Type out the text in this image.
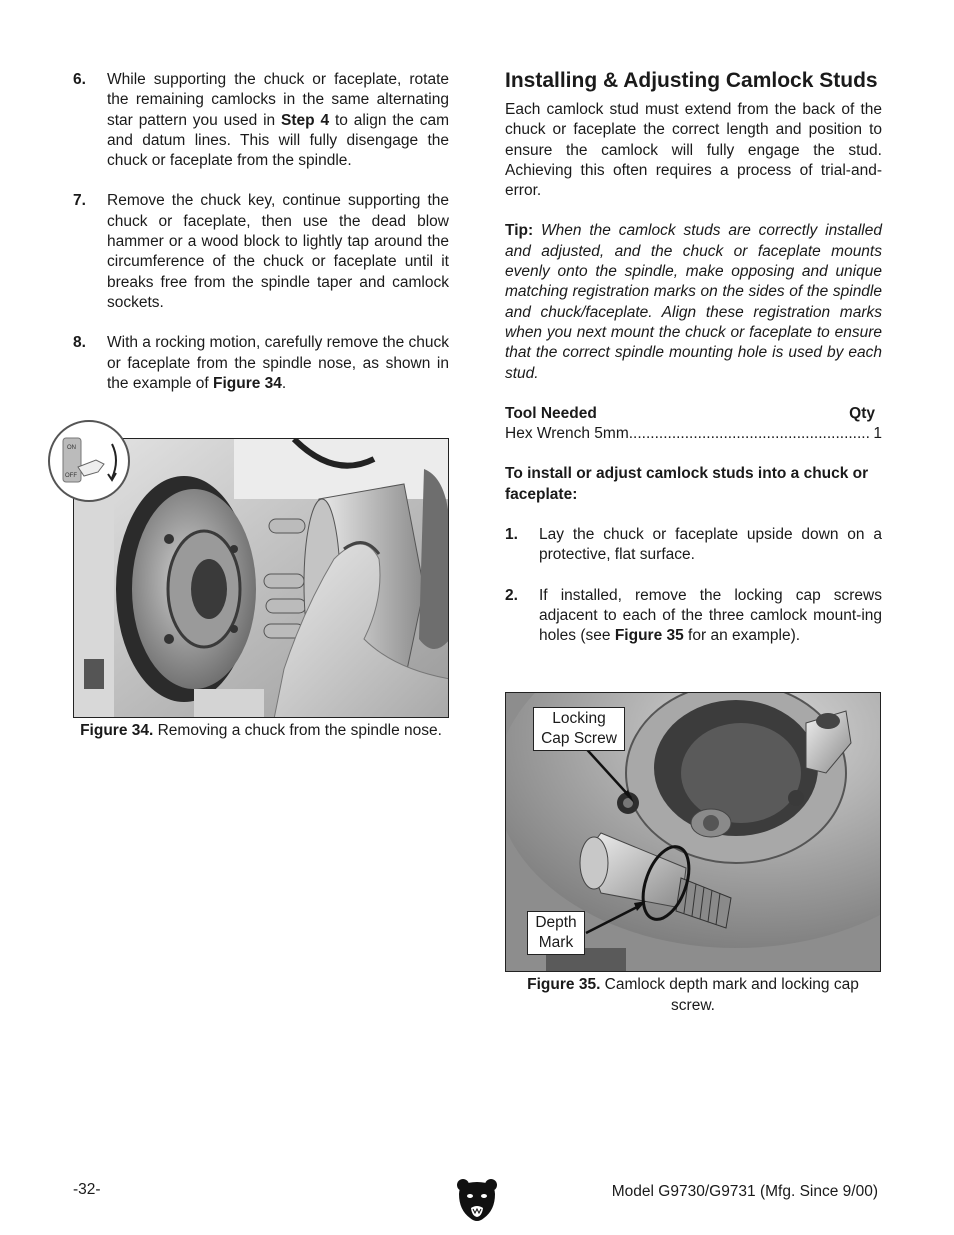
6.	While supporting the chuck or faceplate, rotate the remaining camlocks in the same alternating star pattern you used in Step 4 to align the cam and datum lines. This will fully disengage the chuck or faceplate from the spindle.
7.	Remove the chuck key, continue supporting the chuck or faceplate, then use the dead blow hammer or a wood block to lightly tap around the circumference of the chuck or faceplate until it breaks free from the spindle taper and camlock sockets.
8.	With a rocking motion, carefully remove the chuck or faceplate from the spindle nose, as shown in the example of Figure 34.
ON
OFF
Figure 34. Removing a chuck from the spindle nose.
Installing & Adjusting Camlock Studs

Each camlock stud must extend from the back of the chuck or faceplate the correct length and position to ensure the camlock will fully engage the stud. Achieving this often requires a process of trial-and-error.

Tip: When the camlock studs are correctly installed and adjusted, and the chuck or faceplate mounts evenly onto the spindle, make opposing and unique matching registration marks on the sides of the spindle and chuck/faceplate. Align these registration marks when you next mount the chuck or faceplate to ensure that the correct spindle mounting hole is used by each stud.

Tool Needed	Qty
Hex Wrench 5mm
.....	1

To install or adjust camlock studs into a chuck or faceplate:

1.	Lay the chuck or faceplate upside down on a protective, flat surface.
2.	If installed, remove the locking cap screws adjacent to each of the three camlock mount-ing holes (see Figure 35 for an example).
Locking
Cap Screw
Depth
Mark
Figure 35. Camlock depth mark and locking cap screw.
-32-	Model G9730/G9731 (Mfg. Since 9/00)
